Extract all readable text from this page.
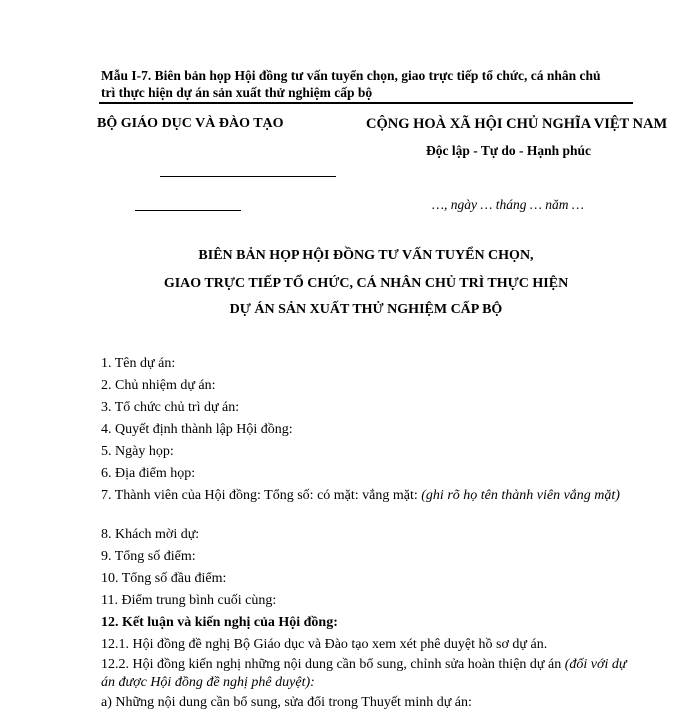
Mẫu I-7. Biên bản họp Hội đồng tư vấn tuyển chọn, giao trực tiếp tổ chức, cá nhân chủ
trì thực hiện dự án sản xuất thử nghiệm cấp bộ
BỘ GIÁO DỤC VÀ ĐÀO TẠO	CỘNG HOÀ XÃ HỘI CHỦ NGHĨA VIỆT NAM
Độc lập - Tự do - Hạnh phúc
…, ngày … tháng … năm …
BIÊN BẢN HỌP HỘI ĐỒNG TƯ VẤN TUYỂN CHỌN,
GIAO TRỰC TIẾP TỔ CHỨC, CÁ NHÂN CHỦ TRÌ THỰC HIỆN
DỰ ÁN SẢN XUẤT THỬ NGHIỆM CẤP BỘ
1. Tên dự án:
2. Chủ nhiệm dự án:
3. Tổ chức chủ trì dự án:
4. Quyết định thành lập Hội đồng:
5. Ngày họp:
6. Địa điểm họp:
7. Thành viên của Hội đồng: Tổng số: có mặt: vắng mặt: (ghi rõ họ tên thành viên vắng mặt)
8. Khách mời dự:
9. Tổng số điểm:
10. Tổng số đầu điểm:
11. Điểm trung bình cuối cùng:
12. Kết luận và kiến nghị của Hội đồng:
12.1. Hội đồng đề nghị Bộ Giáo dục và Đào tạo xem xét phê duyệt hồ sơ dự án.
12.2. Hội đồng kiến nghị những nội dung cần bổ sung, chỉnh sửa hoàn thiện dự án (đối với dự án được Hội đồng đề nghị phê duyệt):
a) Những nội dung cần bổ sung, sửa đổi trong Thuyết minh dự án:
